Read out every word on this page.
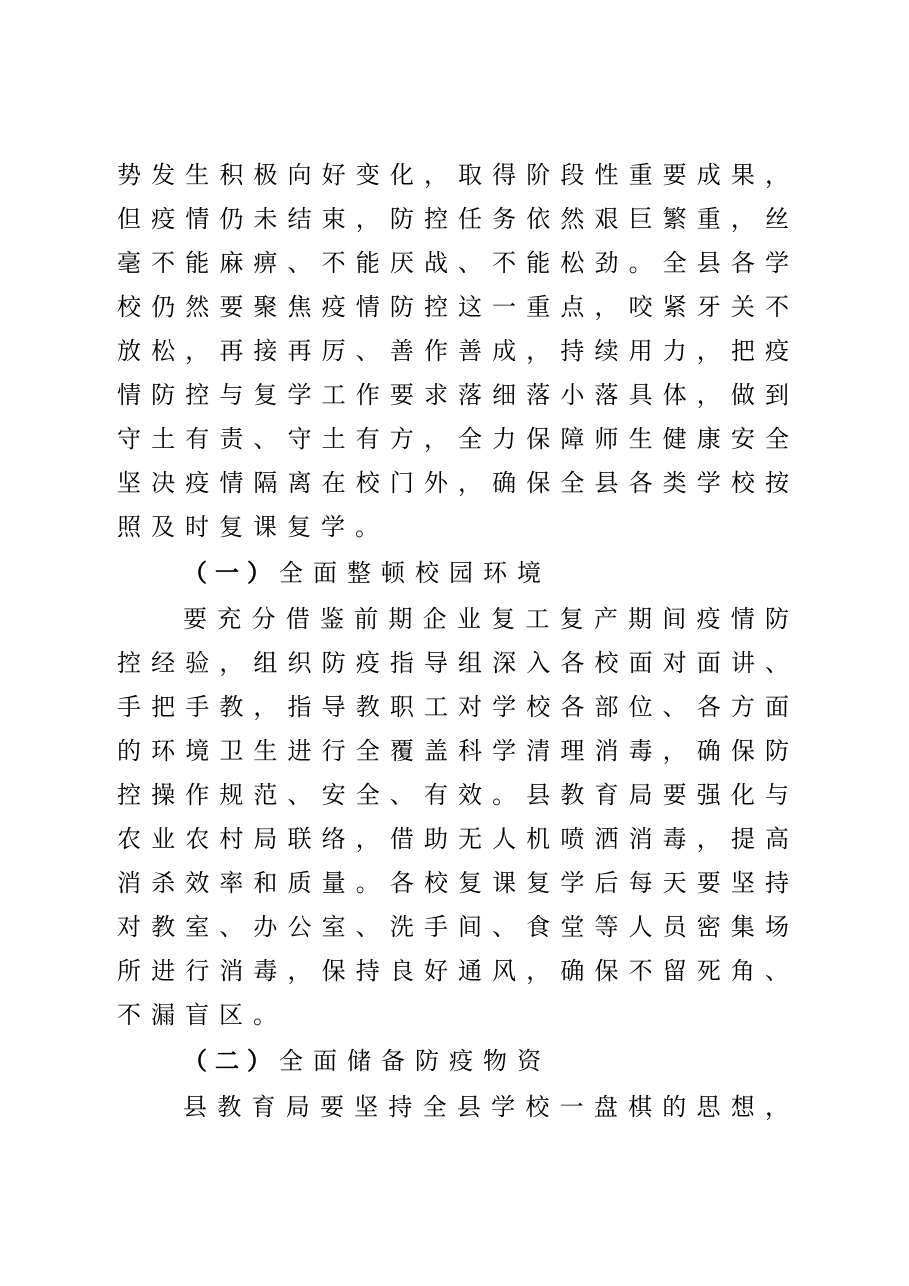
势发生积极向好变化，取得阶段性重要成果，
但疫情仍未结束，防控任务依然艰巨繁重，丝
毫不能麻痹、不能厌战、不能松劲。全县各学
校仍然要聚焦疫情防控这一重点，咬紧牙关不
放松，再接再厉、善作善成，持续用力，把疫
情防控与复学工作要求落细落小落具体，做到
守土有责、守土有方，全力保障师生健康安全
坚决疫情隔离在校门外，确保全县各类学校按
照及时复课复学。
（一）全面整顿校园环境
要充分借鉴前期企业复工复产期间疫情防
控经验，组织防疫指导组深入各校面对面讲、
手把手教，指导教职工对学校各部位、各方面
的环境卫生进行全覆盖科学清理消毒，确保防
控操作规范、安全、有效。县教育局要强化与
农业农村局联络，借助无人机喷洒消毒，提高
消杀效率和质量。各校复课复学后每天要坚持
对教室、办公室、洗手间、食堂等人员密集场
所进行消毒，保持良好通风，确保不留死角、
不漏盲区。
（二）全面储备防疫物资
县教育局要坚持全县学校一盘棋的思想，
